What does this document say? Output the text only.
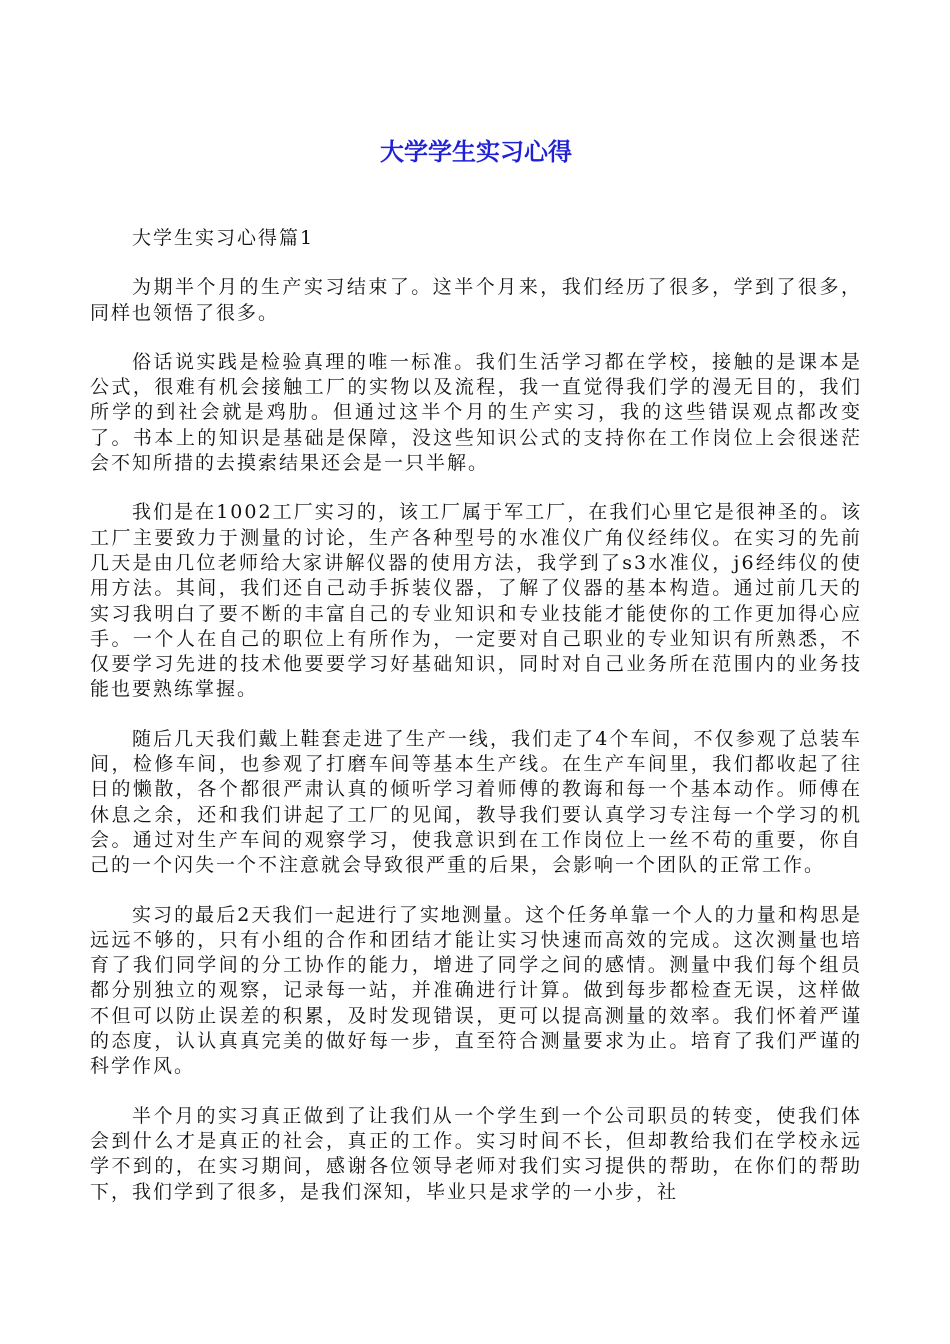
大学学生实习心得

大学生实习心得篇1

为期半个月的生产实习结束了。这半个月来，我们经历了很多，学到了很多，同样也领悟了很多。

俗话说实践是检验真理的唯一标准。我们生活学习都在学校，接触的是课本是公式，很难有机会接触工厂的实物以及流程，我一直觉得我们学的漫无目的，我们所学的到社会就是鸡肋。但通过这半个月的生产实习，我的这些错误观点都改变了。书本上的知识是基础是保障，没这些知识公式的支持你在工作岗位上会很迷茫会不知所措的去摸索结果还会是一只半解。

我们是在1002工厂实习的，该工厂属于军工厂，在我们心里它是很神圣的。该工厂主要致力于测量的讨论，生产各种型号的水准仪广角仪经纬仪。在实习的先前几天是由几位老师给大家讲解仪器的使用方法，我学到了s3水准仪，j6经纬仪的使用方法。其间，我们还自己动手拆装仪器，了解了仪器的基本构造。通过前几天的实习我明白了要不断的丰富自己的专业知识和专业技能才能使你的工作更加得心应手。一个人在自己的职位上有所作为，一定要对自己职业的专业知识有所熟悉，不仅要学习先进的技术他要要学习好基础知识，同时对自己业务所在范围内的业务技能也要熟练掌握。

随后几天我们戴上鞋套走进了生产一线，我们走了4个车间，不仅参观了总装车间，检修车间，也参观了打磨车间等基本生产线。在生产车间里，我们都收起了往日的懒散，各个都很严肃认真的倾听学习着师傅的教诲和每一个基本动作。师傅在休息之余，还和我们讲起了工厂的见闻，教导我们要认真学习专注每一个学习的机会。通过对生产车间的观察学习，使我意识到在工作岗位上一丝不苟的重要，你自己的一个闪失一个不注意就会导致很严重的后果，会影响一个团队的正常工作。

实习的最后2天我们一起进行了实地测量。这个任务单靠一个人的力量和构思是远远不够的，只有小组的合作和团结才能让实习快速而高效的完成。这次测量也培育了我们同学间的分工协作的能力，增进了同学之间的感情。测量中我们每个组员都分别独立的观察，记录每一站，并准确进行计算。做到每步都检查无误，这样做不但可以防止误差的积累，及时发现错误，更可以提高测量的效率。我们怀着严谨的态度，认认真真完美的做好每一步，直至符合测量要求为止。培育了我们严谨的科学作风。

半个月的实习真正做到了让我们从一个学生到一个公司职员的转变，使我们体会到什么才是真正的社会，真正的工作。实习时间不长，但却教给我们在学校永远学不到的，在实习期间，感谢各位领导老师对我们实习提供的帮助，在你们的帮助下，我们学到了很多，是我们深知，毕业只是求学的一小步，社
